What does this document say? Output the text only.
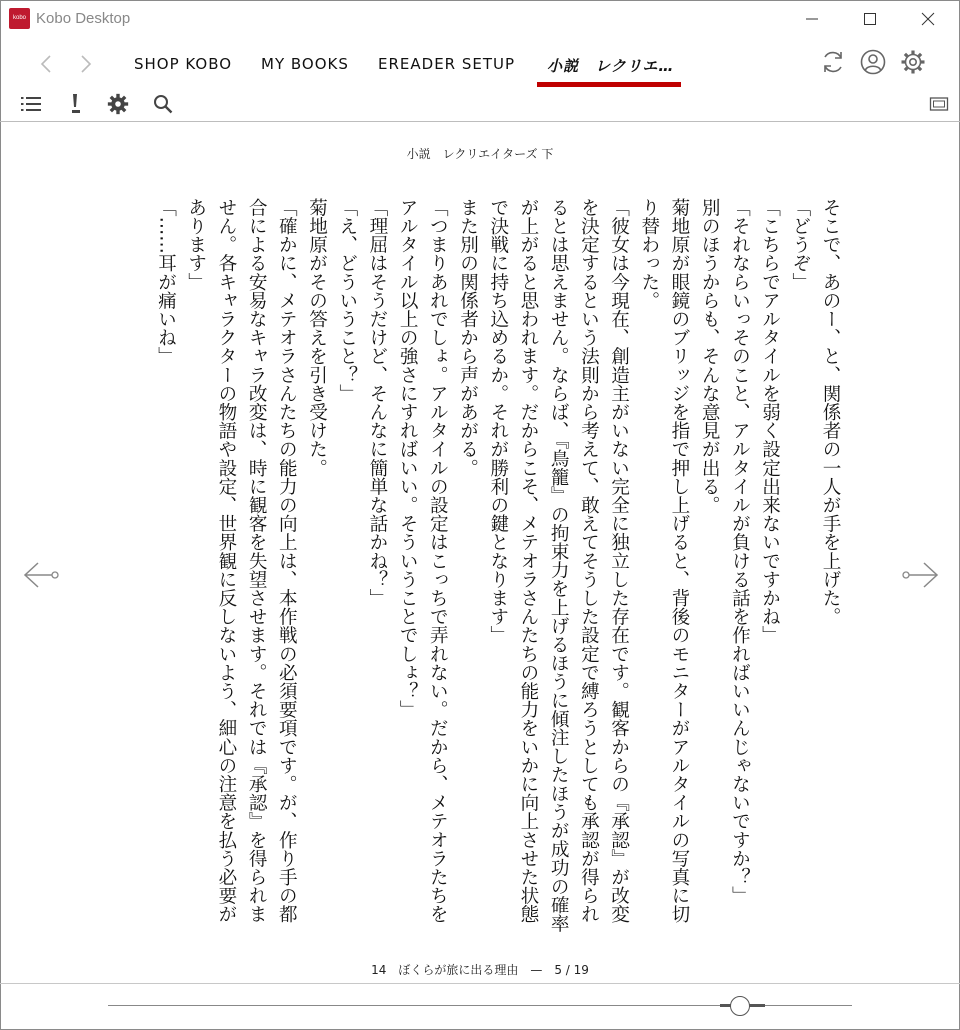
kobo Kobo Desktop
SHOP KOBO MY BOOKS EREADER SETUP 小説　レクリエ…
小説　レクリエイターズ 下

そこで、あのー、と、関係者の一人が手を上げた。

「どうぞ」

「こちらでアルタイルを弱く設定出来ないですかね」

「それならいっそのこと、アルタイルが負ける話を作ればいいんじゃないですか？」

別のほうからも、そんな意見が出る。

菊地原が眼鏡のブリッジを指で押し上げると、背後のモニターがアルタイルの写真に切り替わった。

「彼女は今現在、創造主がいない完全に独立した存在です。観客からの『承認』が改変を決定するという法則から考えて、敢えてそうした設定で縛ろうとしても承認が得られるとは思えません。ならば、『鳥籠』の拘束力を上げるほうに傾注したほうが成功の確率が上がると思われます。だからこそ、メテオラさんたちの能力をいかに向上させた状態で決戦に持ち込めるか。それが勝利の鍵となります」

また別の関係者から声があがる。

「つまりあれでしょ。アルタイルの設定はこっちで弄れない。だから、メテオラたちをアルタイル以上の強さにすればいい。そういうことでしょ？」

「理屈はそうだけど、そんなに簡単な話かね？」

「え、どういうこと？」

菊地原がその答えを引き受けた。

「確かに、メテオラさんたちの能力の向上は、本作戦の必須要項です。が、作り手の都合による安易なキャラ改変は、時に観客を失望させます。それでは『承認』を得られません。各キャラクターの物語や設定、世界観に反しないよう、細心の注意を払う必要があります」

「……耳が痛いね」

14　ぼくらが旅に出る理由　—　5 / 19
